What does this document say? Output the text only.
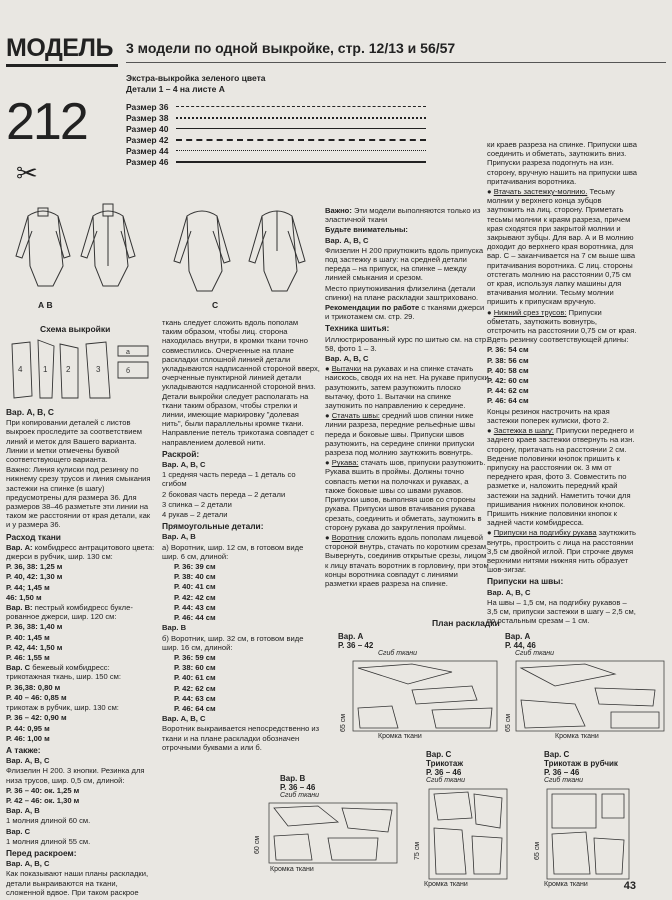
МОДЕЛЬ 3 модели по одной выкройке, стр. 12/13 и 56/57
212
Экстра-выкройка зеленого цвета
Детали 1 – 4 на листе А
Размер 36
Размер 38
Размер 40
Размер 42
Размер 44
Размер 46
✂
А В	С
Схема выкройки
4	1 2	3
а
б

Вар. А, В, С

При копировании деталей с листов выкроек проследите за соответствием линий и меток для Вашего варианта. Линии и метки отмечены буквой соответствующего варианта.

Важно: Линия кулиски под резинку по нижнему срезу трусов и линия смыкания застежки на спинке (в шагу) предусмотрены для размера 36. Для размеров 38–46 разметьте эти линии на таком же расстоянии от края детали, как и у размера 36.

Расход ткани

Вар. А: комбидресс антрацитового цвета: джерси в рубчик, шир. 130 см:

Р. 36, 38: 1,25 м

Р. 40, 42: 1,30 м

Р. 44; 1,45 м

46: 1,50 м

Вар. В: пестрый комбидресс букле-рованное джерси, шир. 120 см:

Р. 36, 38: 1,40 м

Р. 40: 1,45 м

Р. 42, 44: 1,50 м

Р. 46: 1,55 м

Вар. С бежевый комбидресс: трикотажная ткань, шир. 150 см:

Р. 36,38: 0,80 м

Р. 40 – 46: 0,85 м

трикотаж в рубчик, шир. 130 см:

Р. 36 – 42: 0,90 м

Р. 44: 0,95 м

Р. 46: 1,00 м

А также:

Вар. А, В, С

Флизелин Н 200. 3 кнопки. Резинка для низа трусов, шир. 0,5 см, длиной:

Р. 36 – 40: ок. 1,25 м

Р. 42 – 46: ок. 1,30 м

Вар. А, В

1 молния длиной 60 см.

Вар. С

1 молния длиной 55 см.

Перед раскроем:

Вар. А, В, С

Как показывают наши планы раскладки, детали выкраиваются на ткани, сложенной вдвое. При таком раскрое

ткань следует сложить вдоль пополам таким образом, чтобы лиц. сторона находилась внутри, в кромки ткани точно совместились. Очерченные на плане раскладки сплошной линией детали укладываются надписанной стороной вверх, очерченные пунктирной линией детали укладываются надписанной стороной вниз. Детали выкройки следует располагать на ткани таким образом, чтобы стрелки и линии, имеющие маркировку "долевая нить", были параллельны кромке ткани. Направление петель трикотажа совпадет с направлением долевой нити.

Раскрой:

Вар. А, В, С

1 средняя часть переда – 1 деталь со сгибом

2 боковая часть переда – 2 детали

3 спинка – 2 детали

4 рукав – 2 детали

Прямоугольные детали:

Вар. А, В

а) Воротник, шир. 12 см, в готовом виде шир. 6 см, длиной:

Р. 36: 39 см

Р. 38: 40 см

Р. 40: 41 см

Р. 42: 42 см

Р. 44: 43 см

Р. 46: 44 см

Вар. В

б) Воротник, шир. 32 см, в готовом виде шир. 16 см, длиной:

Р. 36: 59 см

Р. 38: 60 см

Р. 40: 61 см

Р. 42: 62 см

Р. 44: 63 см

Р. 46: 64 см

Вар. А, В, С

Воротник выкраивается непосредственно из ткани и на плане раскладки обозначен отрочными буквами а или б.

Важно: Эти модели выполняются только из эластичной ткани

Будьте внимательны:

Вар. А, В, С

Флизелин Н 200 приутюжить вдоль припуска под застежку в шагу: на средней детали переда – на припуск, на спинке – между линией смыкания и срезом.

Место приутюживания флизелина (детали спинки) на плане раскладки заштриховано.

Рекомендации по работе с тканями джерси и трикотажем см. стр. 29.

Техника шитья:

Иллюстрированный курс по шитью см. на стр. 58, фото 1 – 3.

Вар. А, В, С

● Вытачки на рукавах и на спинке стачать наискось, сводя их на нет. На рукаве припуски разутюжить, затем разутюжить плоско вытачку, фото 1. Вытачки на спинке заутюжить по направлению к середине.

● Стачать швы: средний шов спинки ниже линии разреза, передние рельефные швы переда и боковые швы. Припуски швов разутюжить, на середине спинки припуски разреза под молнию заутюжить вовнутрь.

● Рукава: стачать шов, припуски разутюжить. Рукава вшить в проймы. Должны точно совпасть метки на полочках и рукавах, а также боковые швы со швами рукавов. Припуски швов, выполняя шов со стороны рукава. Припуски швов втачивания рукава срезать, соединить и обметать, заутюжить в сторону рукава до закругления проймы.

● Воротник сложить вдоль пополам лицевой стороной внутрь, стачать по коротким срезам. Вывернуть, соединив открытые срезы, лицом к лицу втачать воротник в горловину, при этом концы воротника совпадут с линиями разметки краев разреза на спинке.

ки краев разреза на спинке. Припуски шва соединить и обметать, заутюжить вниз. Припуски разреза подогнуть на изн. сторону, вручную нашить на припуски шва притачивания воротника.

● Втачать застежку-молнию. Тесьму молнии у верхнего конца зубцов заутюжить на лиц. сторону. Приметать тесьмы молнии к краям разреза, причем края сходятся при закрытой молнии и закрывают зубцы. Для вар. А и В молнию доходит до верхнего края воротника, для вар. С – заканчивается на 7 см выше шва притачивания воротника. С лиц. стороны отстегать молнию на расстоянии 0,75 см от края, используя лапку машины для втачивания молнии. Тесьму молнии пришить к припускам вручную.

● Нижний срез трусов: Припуски обметать, заутюжить вовнутрь, отстрочить на расстоянии 0,75 см от края. Вдеть резинку соответствующей длины:

Р. 36: 54 см

Р. 38: 56 см

Р. 40: 58 см

Р. 42: 60 см

Р. 44: 62 см

Р. 46: 64 см

Концы резинок настрочить на края застежки поперек кулиски, фото 2.

● Застежка в шагу: Припуски переднего и заднего краев застежки отвернуть на изн. сторону, притачать на расстоянии 2 см. Ведение половинки кнопок пришить к припуску на расстоянии ок. 3 мм от переднего края, фото 3. Совместить по разметке и, наложить передний край застежки на задний. Наметить точки для пришивания нижних половинок кнопок. Пришить нижние половинки кнопок к задней части комбидресса.

● Припуски на подгибку рукава заутюжить внутрь, простроить с лица на расстоянии 3,5 см двойной иглой. При строчке двумя верхними нитями нижняя нить образует шов-зигзаг.

Припуски на швы:

Вар. А, В, С

На швы – 1,5 см, на подгибку рукавов – 3,5 см, припуски застежки в шагу – 2,5 см, по остальным срезам – 1 см.

План раскладки
Вар. А
Р. 36 – 42
Сгиб ткани
65 см
Кромка ткани
Вар. А
Р. 44, 46
Сгиб ткани
65 см
Кромка ткани
Вар. В
Р. 36 – 46
Сгиб ткани
60 см
Кромка ткани
Вар. С
Трикотаж
Р. 36 – 46
Сгиб ткани
75 см
Кромка ткани
Вар. С
Трикотаж в рубчик
Р. 36 – 46
Сгиб ткани
65 см
Кромка ткани	43
